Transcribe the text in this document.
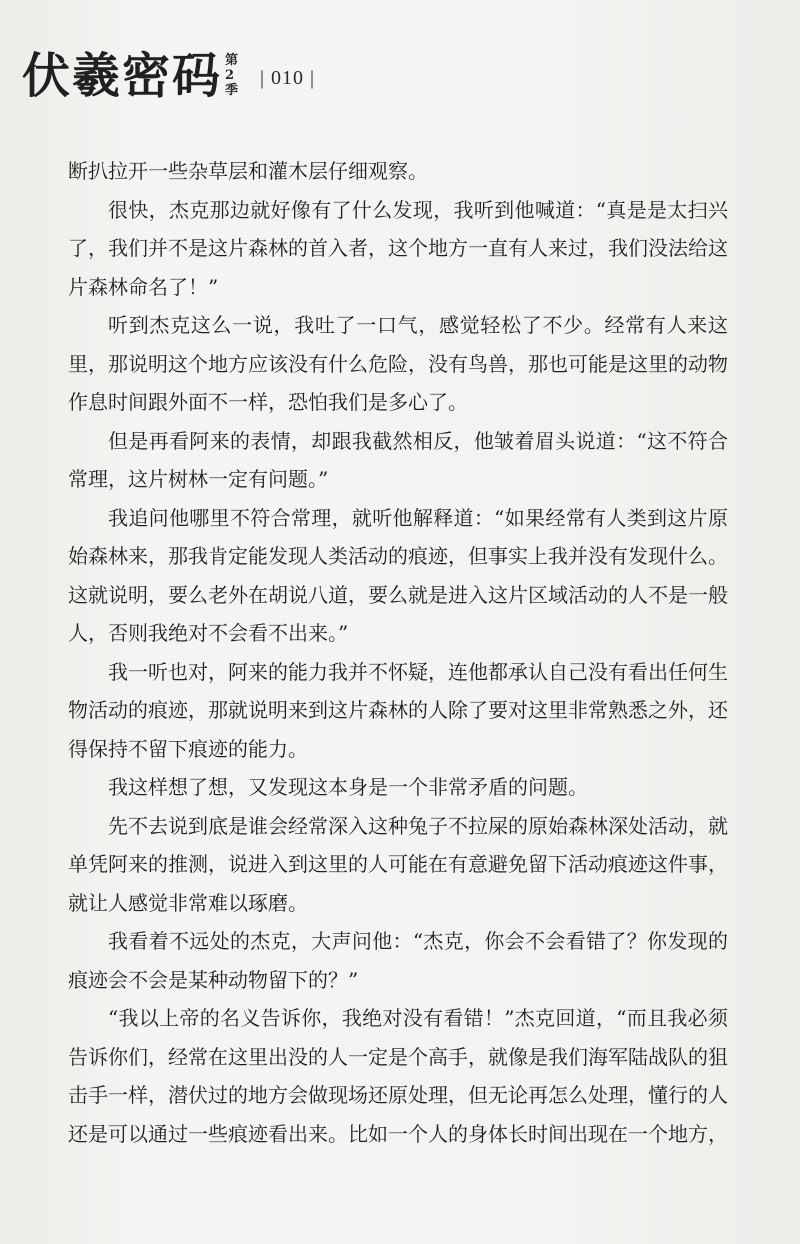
伏羲密码 第
2
季
| 010 |

断扒拉开一些杂草层和灌木层仔细观察。

很快，杰克那边就好像有了什么发现，我听到他喊道：“真是是太扫兴了，我们并不是这片森林的首入者，这个地方一直有人来过，我们没法给这片森林命名了！”

听到杰克这么一说，我吐了一口气，感觉轻松了不少。经常有人来这里，那说明这个地方应该没有什么危险，没有鸟兽，那也可能是这里的动物作息时间跟外面不一样，恐怕我们是多心了。

但是再看阿来的表情，却跟我截然相反，他皱着眉头说道：“这不符合常理，这片树林一定有问题。”

我追问他哪里不符合常理，就听他解释道：“如果经常有人类到这片原始森林来，那我肯定能发现人类活动的痕迹，但事实上我并没有发现什么。这就说明，要么老外在胡说八道，要么就是进入这片区域活动的人不是一般人，否则我绝对不会看不出来。”

我一听也对，阿来的能力我并不怀疑，连他都承认自己没有看出任何生物活动的痕迹，那就说明来到这片森林的人除了要对这里非常熟悉之外，还得保持不留下痕迹的能力。

我这样想了想，又发现这本身是一个非常矛盾的问题。

先不去说到底是谁会经常深入这种兔子不拉屎的原始森林深处活动，就单凭阿来的推测，说进入到这里的人可能在有意避免留下活动痕迹这件事，就让人感觉非常难以琢磨。

我看着不远处的杰克，大声问他：“杰克，你会不会看错了？你发现的痕迹会不会是某种动物留下的？”

“我以上帝的名义告诉你，我绝对没有看错！”杰克回道，“而且我必须告诉你们，经常在这里出没的人一定是个高手，就像是我们海军陆战队的狙击手一样，潜伏过的地方会做现场还原处理，但无论再怎么处理，懂行的人还是可以通过一些痕迹看出来。比如一个人的身体长时间出现在一个地方，
